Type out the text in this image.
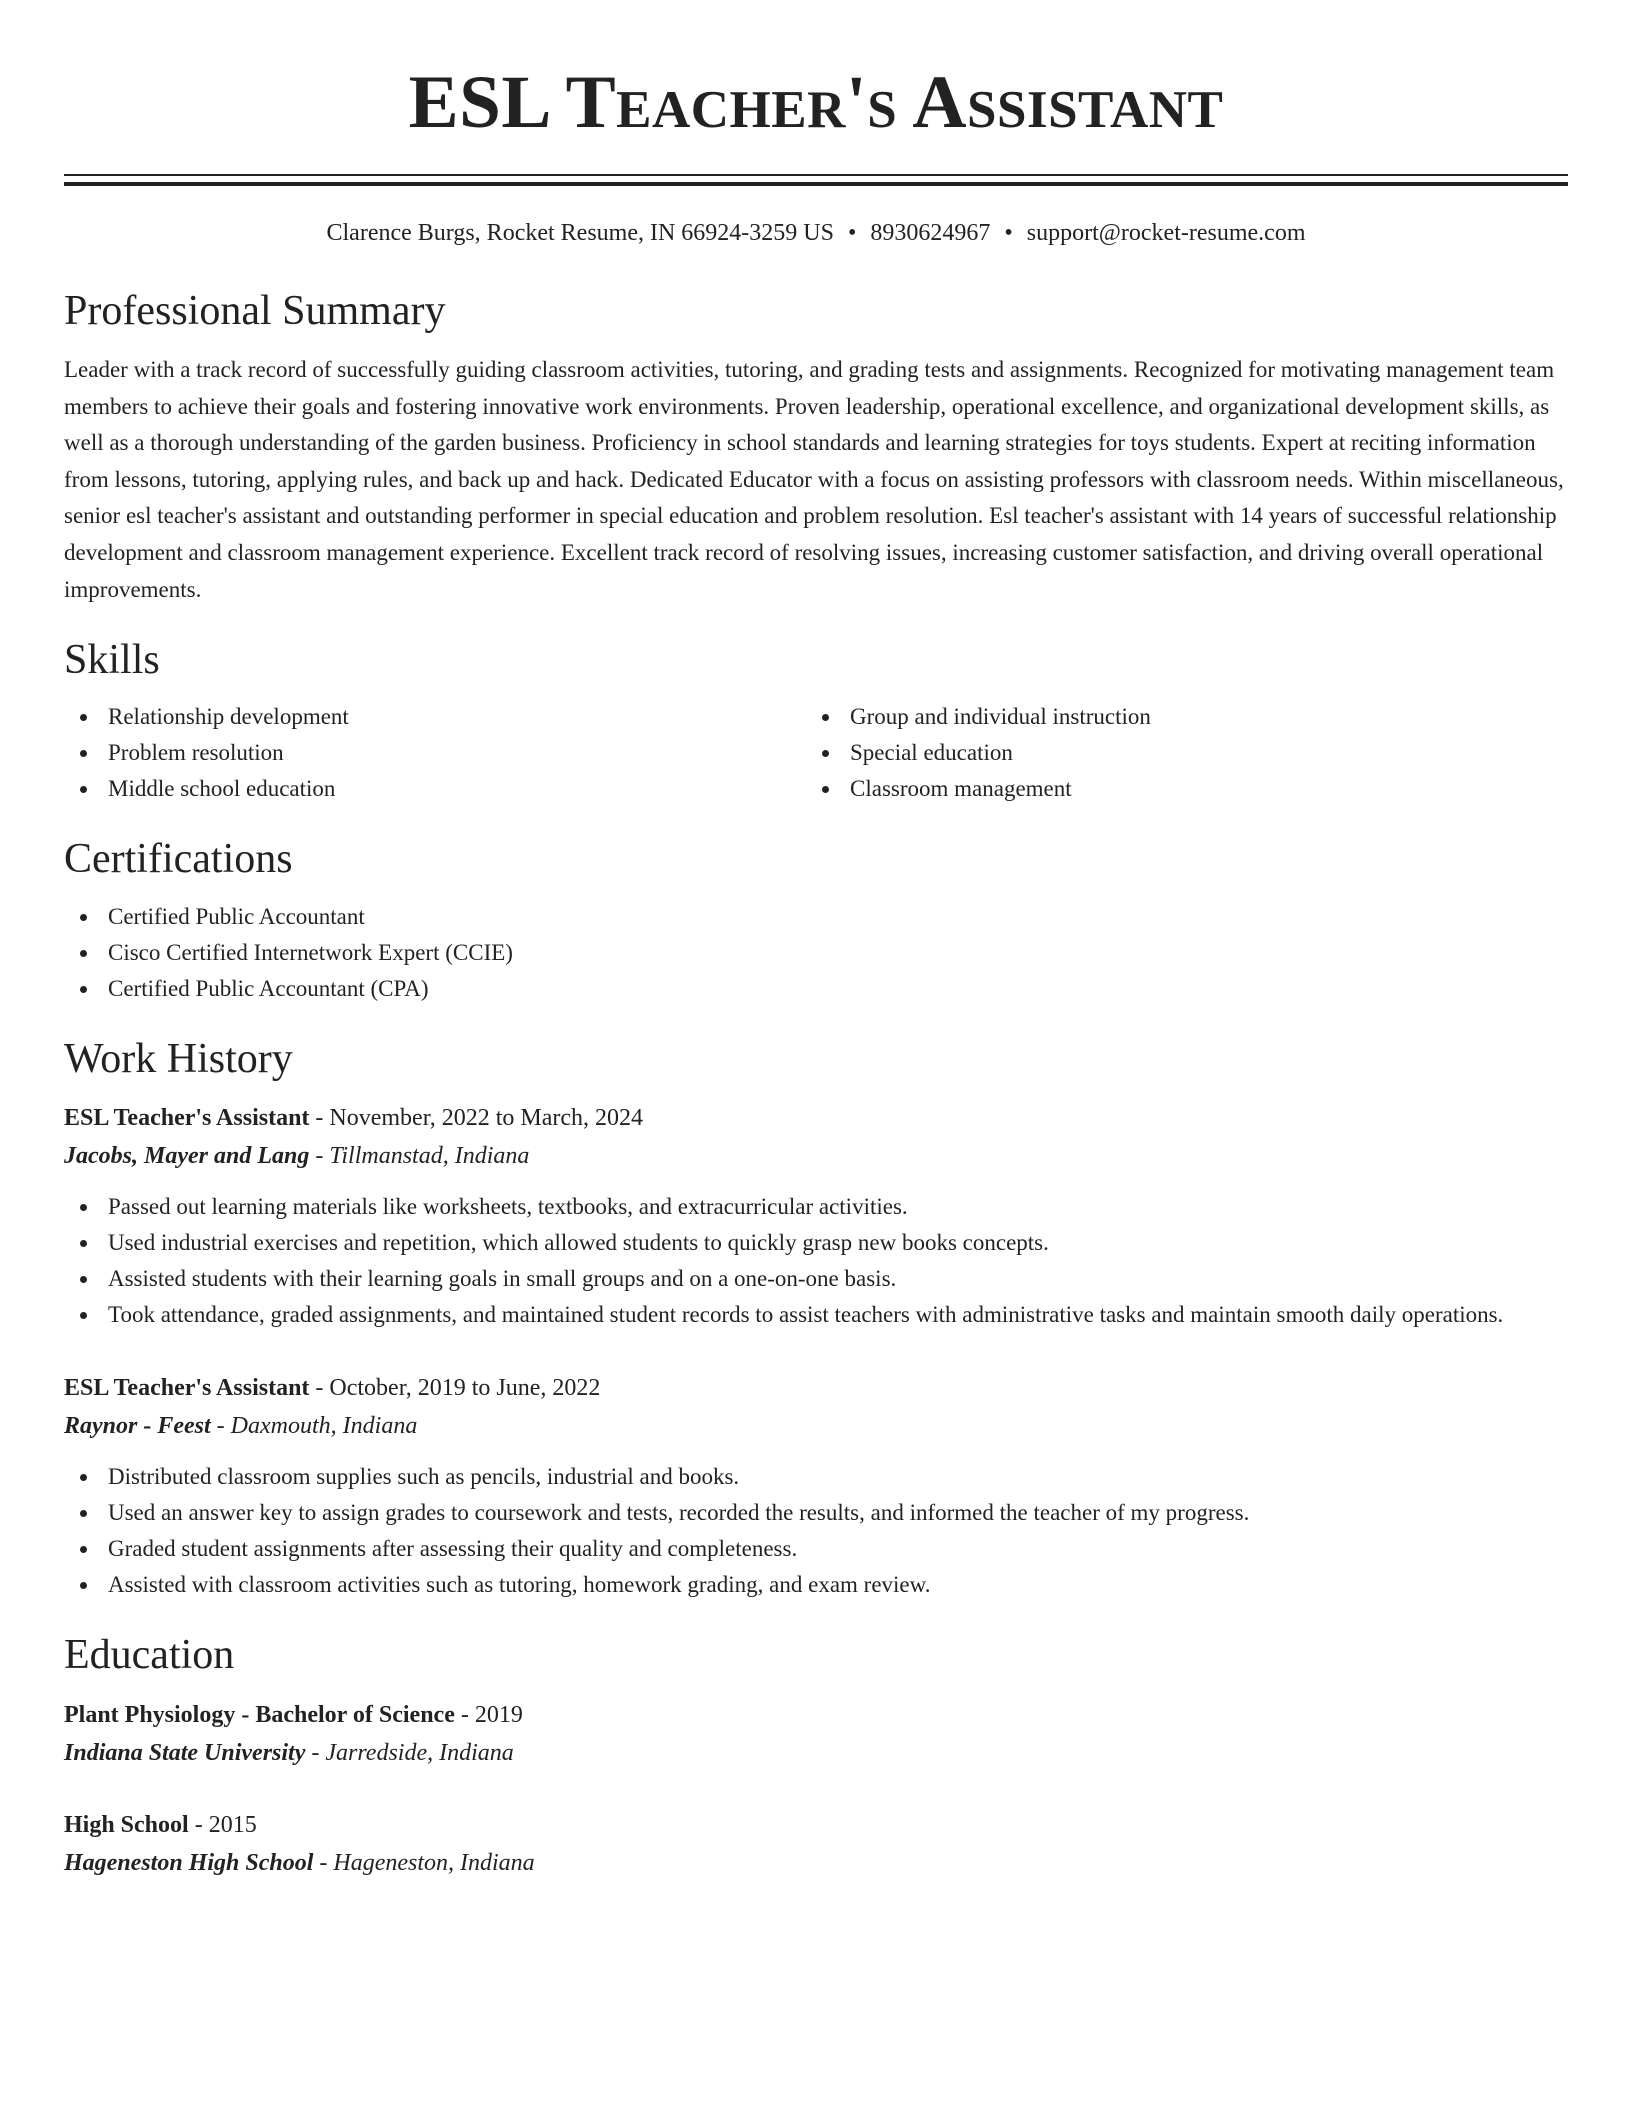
ESL Teacher's Assistant
Clarence Burgs, Rocket Resume, IN 66924-3259 US • 8930624967 • support@rocket-resume.com
Professional Summary

Leader with a track record of successfully guiding classroom activities, tutoring, and grading tests and assignments. Recognized for motivating management team members to achieve their goals and fostering innovative work environments. Proven leadership, operational excellence, and organizational development skills, as well as a thorough understanding of the garden business. Proficiency in school standards and learning strategies for toys students. Expert at reciting information from lessons, tutoring, applying rules, and back up and hack. Dedicated Educator with a focus on assisting professors with classroom needs. Within miscellaneous, senior esl teacher's assistant and outstanding performer in special education and problem resolution. Esl teacher's assistant with 14 years of successful relationship development and classroom management experience. Excellent track record of resolving issues, increasing customer satisfaction, and driving overall operational improvements.

Skills
Relationship development
Problem resolution
Middle school education
Group and individual instruction
Special education
Classroom management
Certifications
Certified Public Accountant
Cisco Certified Internetwork Expert (CCIE)
Certified Public Accountant (CPA)
Work History
ESL Teacher's Assistant - November, 2022 to March, 2024
Jacobs, Mayer and Lang - Tillmanstad, Indiana
Passed out learning materials like worksheets, textbooks, and extracurricular activities.
Used industrial exercises and repetition, which allowed students to quickly grasp new books concepts.
Assisted students with their learning goals in small groups and on a one-on-one basis.
Took attendance, graded assignments, and maintained student records to assist teachers with administrative tasks and maintain smooth daily operations.
ESL Teacher's Assistant - October, 2019 to June, 2022
Raynor - Feest - Daxmouth, Indiana
Distributed classroom supplies such as pencils, industrial and books.
Used an answer key to assign grades to coursework and tests, recorded the results, and informed the teacher of my progress.
Graded student assignments after assessing their quality and completeness.
Assisted with classroom activities such as tutoring, homework grading, and exam review.
Education
Plant Physiology - Bachelor of Science - 2019
Indiana State University - Jarredside, Indiana
High School - 2015
Hageneston High School - Hageneston, Indiana
